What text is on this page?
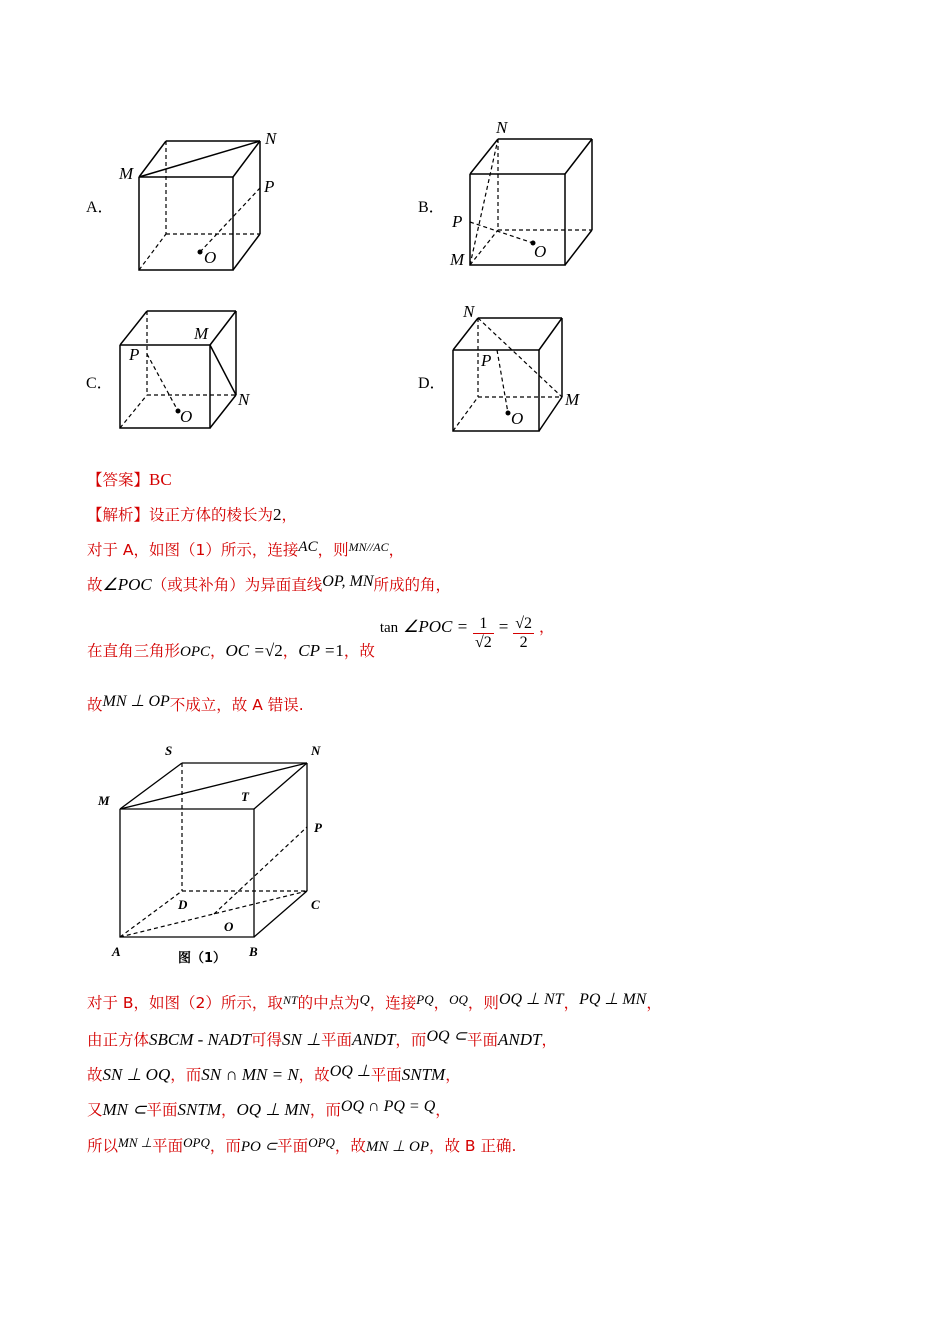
A．
M
N
P
O
B．
N
P
M	O
C．
M
P
N
O
D．
N
P
M
O
【答案】BC
【解析】设正方体的棱长为2，
对于 A，如图（1）所示，连接AC，则$^{MN//AC}$，
故∠POC（或其补角）为异面直线OP, MN所成的角，
在直角三角形OPC，OC =√2，CP =1，故 tan ∠POC = $\frac{1}{√2} = \frac{√2}{2}$ ，
故MN ⊥ OP不成立，故 A 错误.
S	N
M	T
P
D	C
O
A	B
图（1）
对于 B，如图（2）所示，取$^{NT}$的中点为Q，连接$^{PQ}$，$^{OQ}$，则OQ ⊥ NT，PQ ⊥ MN，
由正方体SBCM - NADT可得SN ⊥平面ANDT，而OQ ⊂平面ANDT，
故SN ⊥ OQ，而SN ∩ MN = N，故OQ ⊥平面SNTM，
又MN ⊂平面SNTM，OQ ⊥ MN，而OQ ∩ PQ = Q，
所以$^{MN \perp}$平面$^{OPQ}$，而PO ⊂平面$^{OPQ}$，故MN ⊥ OP，故 B 正确.
